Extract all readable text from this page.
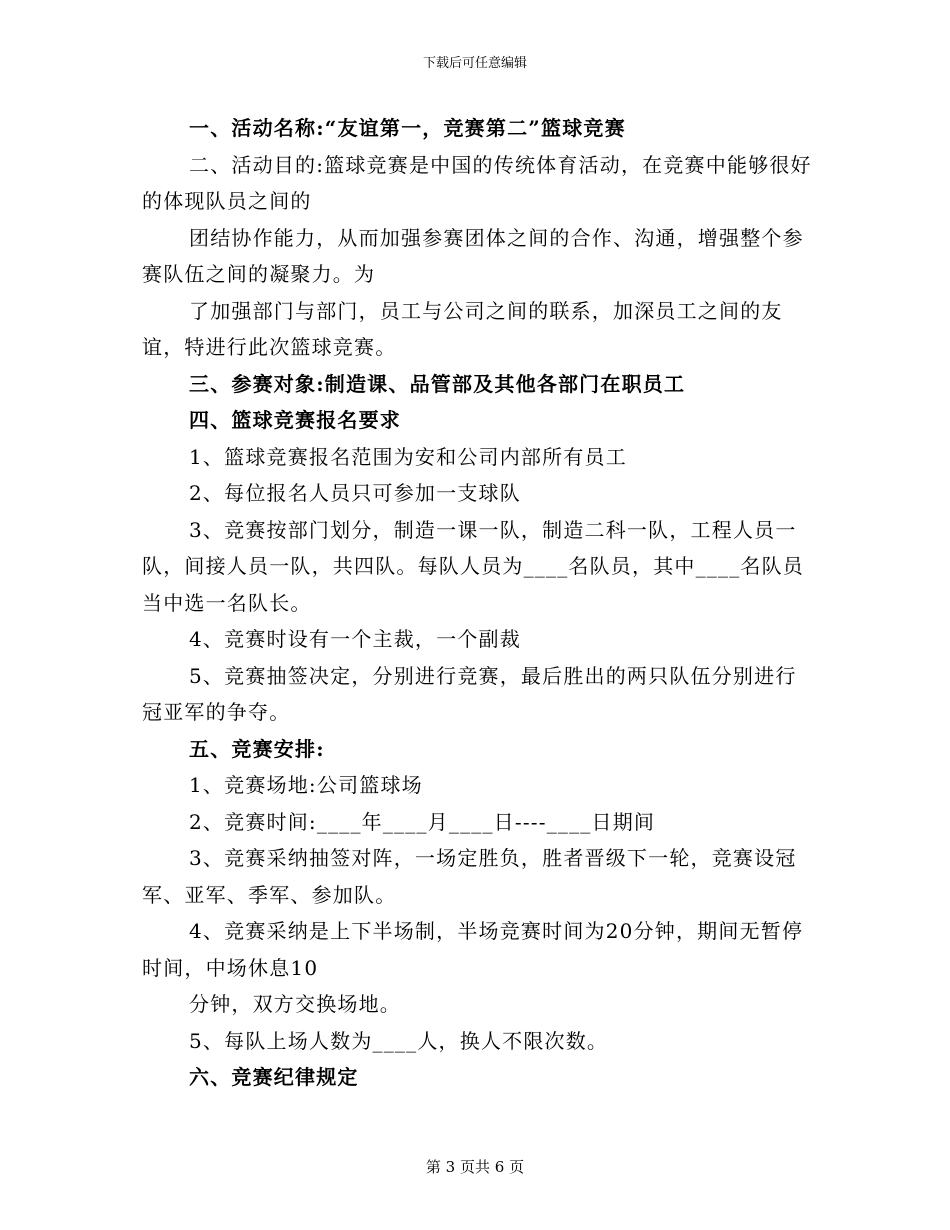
下载后可任意编辑

一、活动名称:“友谊第一，竞赛第二”篮球竞赛

二、活动目的:篮球竞赛是中国的传统体育活动，在竞赛中能够很好的体现队员之间的

团结协作能力，从而加强参赛团体之间的合作、沟通，增强整个参赛队伍之间的凝聚力。为

了加强部门与部门，员工与公司之间的联系，加深员工之间的友谊，特进行此次篮球竞赛。

三、参赛对象:制造课、品管部及其他各部门在职员工

四、篮球竞赛报名要求

1、篮球竞赛报名范围为安和公司内部所有员工

2、每位报名人员只可参加一支球队

3、竞赛按部门划分，制造一课一队，制造二科一队，工程人员一队，间接人员一队，共四队。每队人员为____名队员，其中____名队员当中选一名队长。

4、竞赛时设有一个主裁，一个副裁

5、竞赛抽签决定，分别进行竞赛，最后胜出的两只队伍分别进行冠亚军的争夺。

五、竞赛安排:

1、竞赛场地:公司篮球场

2、竞赛时间:____年____月____日----____日期间

3、竞赛采纳抽签对阵，一场定胜负，胜者晋级下一轮，竞赛设冠军、亚军、季军、参加队。

4、竞赛采纳是上下半场制，半场竞赛时间为20分钟，期间无暂停时间，中场休息10

分钟，双方交换场地。

5、每队上场人数为____人，换人不限次数。

六、竞赛纪律规定

第 3 页共 6 页
